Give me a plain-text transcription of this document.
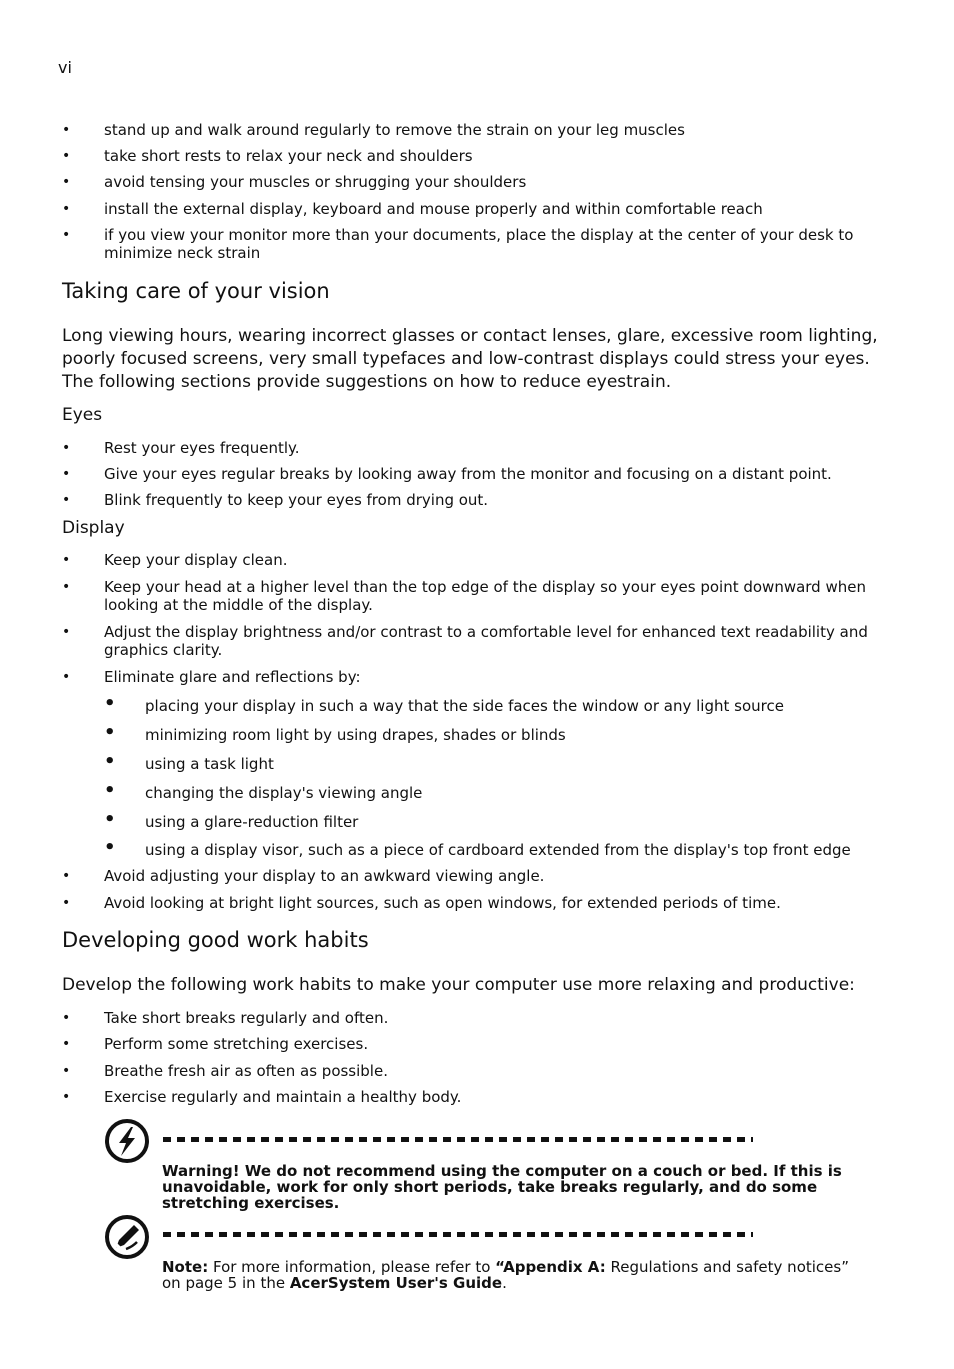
vi
• stand up and walk around regularly to remove the strain on your leg muscles
• take short rests to relax your neck and shoulders
• avoid tensing your muscles or shrugging your shoulders
• install the external display, keyboard and mouse properly and within comfortable reach
• if you view your monitor more than your documents, place the display at the center of your desk to minimize neck strain
Taking care of your vision

Long viewing hours, wearing incorrect glasses or contact lenses, glare, excessive room lighting, poorly focused screens, very small typefaces and low-contrast displays could stress your eyes. The following sections provide suggestions on how to reduce eyestrain.

Eyes
• Rest your eyes frequently.
• Give your eyes regular breaks by looking away from the monitor and focusing on a distant point.
• Blink frequently to keep your eyes from drying out.
Display
• Keep your display clean.
• Keep your head at a higher level than the top edge of the display so your eyes point downward when looking at the middle of the display.
• Adjust the display brightness and/or contrast to a comfortable level for enhanced text readability and graphics clarity.
• Eliminate glare and reflections by:
• placing your display in such a way that the side faces the window or any light source
• minimizing room light by using drapes, shades or blinds
• using a task light
• changing the display's viewing angle
• using a glare-reduction filter
• using a display visor, such as a piece of cardboard extended from the display's top front edge
• Avoid adjusting your display to an awkward viewing angle.
• Avoid looking at bright light sources, such as open windows, for extended periods of time.
Developing good work habits

Develop the following work habits to make your computer use more relaxing and productive:

• Take short breaks regularly and often.
• Perform some stretching exercises.
• Breathe fresh air as often as possible.
• Exercise regularly and maintain a healthy body.
Warning! We do not recommend using the computer on a couch or bed. If this is unavoidable, work for only short periods, take breaks regularly, and do some stretching exercises.
Note: For more information, please refer to “Appendix A: Regulations and safety notices” on page 5 in the AcerSystem User's Guide.
